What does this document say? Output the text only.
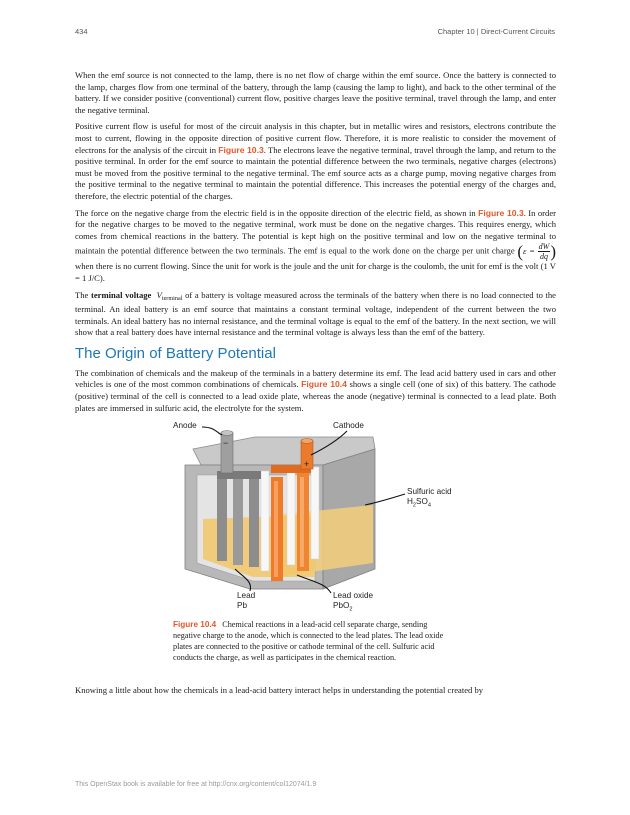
434	Chapter 10 | Direct-Current Circuits

When the emf source is not connected to the lamp, there is no net flow of charge within the emf source. Once the battery is connected to the lamp, charges flow from one terminal of the battery, through the lamp (causing the lamp to light), and back to the other terminal of the battery. If we consider positive (conventional) current flow, positive charges leave the positive terminal, travel through the lamp, and enter the negative terminal.

Positive current flow is useful for most of the circuit analysis in this chapter, but in metallic wires and resistors, electrons contribute the most to current, flowing in the opposite direction of positive current flow. Therefore, it is more realistic to consider the movement of electrons for the analysis of the circuit in Figure 10.3. The electrons leave the negative terminal, travel through the lamp, and return to the positive terminal. In order for the emf source to maintain the potential difference between the two terminals, negative charges (electrons) must be moved from the positive terminal to the negative terminal. The emf source acts as a charge pump, moving negative charges from the positive terminal to the negative terminal to maintain the potential difference. This increases the potential energy of the charges and, therefore, the electric potential of the charges.

The force on the negative charge from the electric field is in the opposite direction of the electric field, as shown in Figure 10.3. In order for the negative charges to be moved to the negative terminal, work must be done on the negative charges. This requires energy, which comes from chemical reactions in the battery. The potential is kept high on the positive terminal and low on the negative terminal to maintain the potential difference between the two terminals. The emf is equal to the work done on the charge per unit charge ($\varepsilon = \frac{dW}{dq}$ ) when there is no current flowing. Since the unit for work is the joule and the unit for charge is the coulomb, the unit for emf is the volt (1 V = 1 J/C).

The terminal voltage $V_{terminal}$ of a battery is voltage measured across the terminals of the battery when there is no load connected to the terminal. An ideal battery is an emf source that maintains a constant terminal voltage, independent of the current between the two terminals. An ideal battery has no internal resistance, and the terminal voltage is equal to the emf of the battery. In the next section, we will show that a real battery does have internal resistance and the terminal voltage is always less than the emf of the battery.

The Origin of Battery Potential

The combination of chemicals and the makeup of the terminals in a battery determine its emf. The lead acid battery used in cars and other vehicles is one of the most common combinations of chemicals. Figure 10.4 shows a single cell (one of six) of this battery. The cathode (positive) terminal of the cell is connected to a lead oxide plate, whereas the anode (negative) terminal is connected to a lead plate. Both plates are immersed in sulfuric acid, the electrolyte for the system.

−
+
Anode	Cathode
Sulfuric acid
$H_2SO_4$
Lead
Pb
Lead oxide
PbO$_2$

Figure 10.4 Chemical reactions in a lead-acid cell separate charge, sending negative charge to the anode, which is connected to the lead plates. The lead oxide plates are connected to the positive or cathode terminal of the cell. Sulfuric acid conducts the charge, as well as participates in the chemical reaction.

Knowing a little about how the chemicals in a lead-acid battery interact helps in understanding the potential created by

This OpenStax book is available for free at http://cnx.org/content/col12074/1.9
